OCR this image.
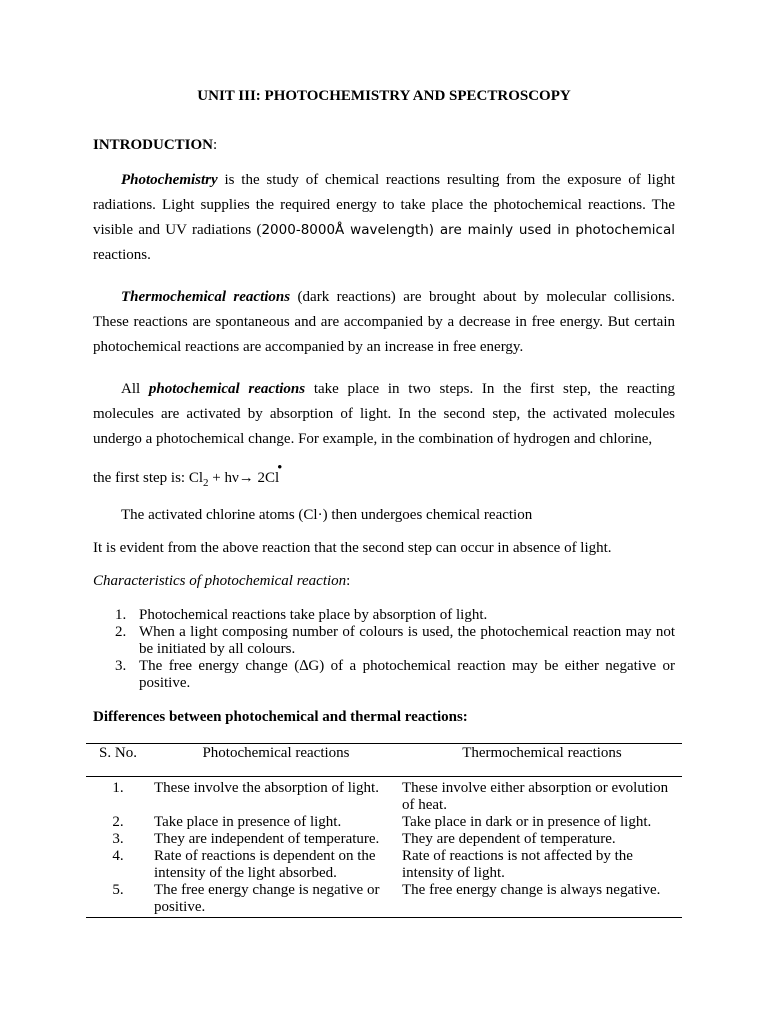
UNIT III: PHOTOCHEMISTRY AND SPECTROSCOPY
INTRODUCTION:

Photochemistry is the study of chemical reactions resulting from the exposure of light radiations. Light supplies the required energy to take place the photochemical reactions. The visible and UV radiations (2000-8000Å wavelength) are mainly used in photochemical reactions.

Thermochemical reactions (dark reactions) are brought about by molecular collisions. These reactions are spontaneous and are accompanied by a decrease in free energy. But certain photochemical reactions are accompanied by an increase in free energy.

All photochemical reactions take place in two steps. In the first step, the reacting molecules are activated by absorption of light. In the second step, the activated molecules undergo a photochemical change. For example, in the combination of hydrogen and chlorine,

the first step is: $Cl_2 + h\nu\to$ 2Cl•
The activated chlorine atoms (Cl·) then undergoes chemical reaction
It is evident from the above reaction that the second step can occur in absence of light.
Characteristics of photochemical reaction:
1. Photochemical reactions take place by absorption of light.
2. When a light composing number of colours is used, the photochemical reaction may not be initiated by all colours.
3. The free energy change (∆G) of a photochemical reaction may be either negative or positive.
Differences between photochemical and thermal reactions:
S. No.	Photochemical reactions	Thermochemical reactions
1.	These involve the absorption of light.	These involve either absorption or evolution of heat.
2.	Take place in presence of light.	Take place in dark or in presence of light.
3.	They are independent of temperature.	They are dependent of temperature.
4.	Rate of reactions is dependent on the intensity of the light absorbed.	Rate of reactions is not affected by the intensity of light.
5.	The free energy change is negative or positive.	The free energy change is always negative.
